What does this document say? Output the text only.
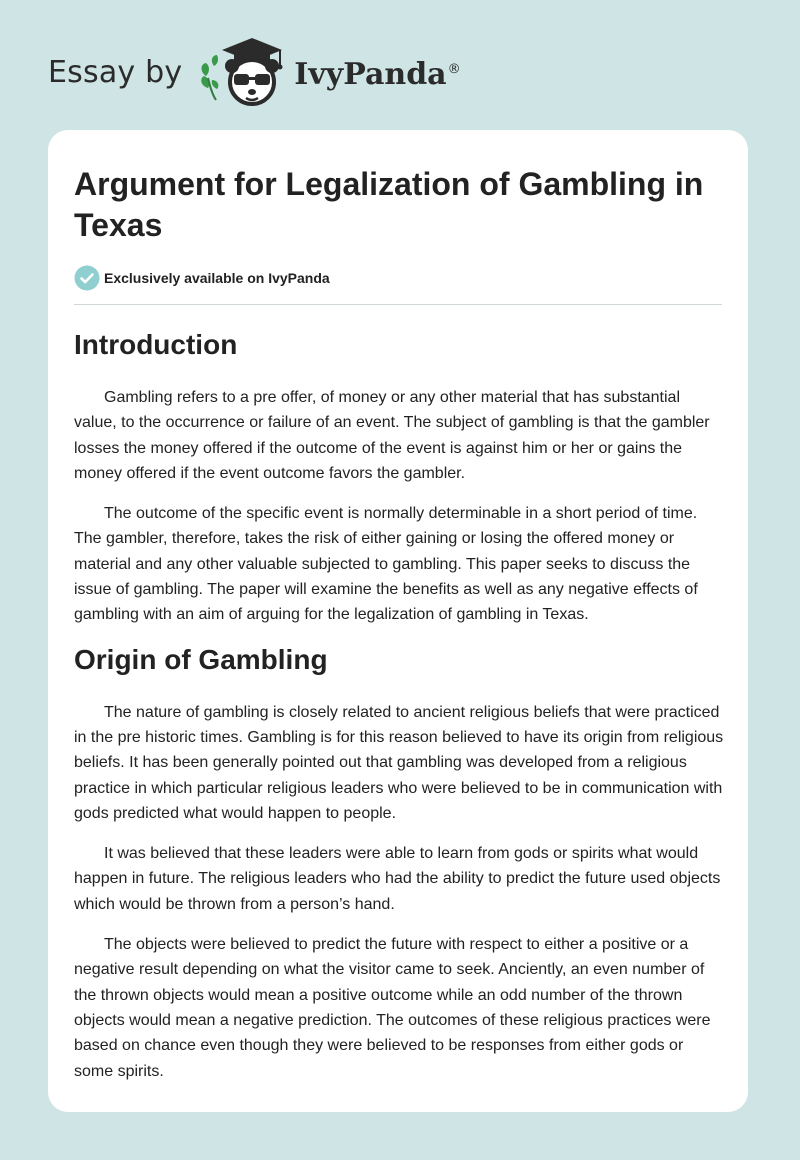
Essay by	IvyPanda®
Argument for Legalization of Gambling in Texas
Exclusively available on IvyPanda
Introduction

Gambling refers to a pre offer, of money or any other material that has substantial value, to the occurrence or failure of an event. The subject of gambling is that the gambler losses the money offered if the outcome of the event is against him or her or gains the money offered if the event outcome favors the gambler.

The outcome of the specific event is normally determinable in a short period of time. The gambler, therefore, takes the risk of either gaining or losing the offered money or material and any other valuable subjected to gambling. This paper seeks to discuss the issue of gambling. The paper will examine the benefits as well as any negative effects of gambling with an aim of arguing for the legalization of gambling in Texas.

Origin of Gambling

The nature of gambling is closely related to ancient religious beliefs that were practiced in the pre historic times. Gambling is for this reason believed to have its origin from religious beliefs. It has been generally pointed out that gambling was developed from a religious practice in which particular religious leaders who were believed to be in communication with gods predicted what would happen to people.

It was believed that these leaders were able to learn from gods or spirits what would happen in future. The religious leaders who had the ability to predict the future used objects which would be thrown from a person’s hand.

The objects were believed to predict the future with respect to either a positive or a negative result depending on what the visitor came to seek. Anciently, an even number of the thrown objects would mean a positive outcome while an odd number of the thrown objects would mean a negative prediction. The outcomes of these religious practices were based on chance even though they were believed to be responses from either gods or some spirits.
